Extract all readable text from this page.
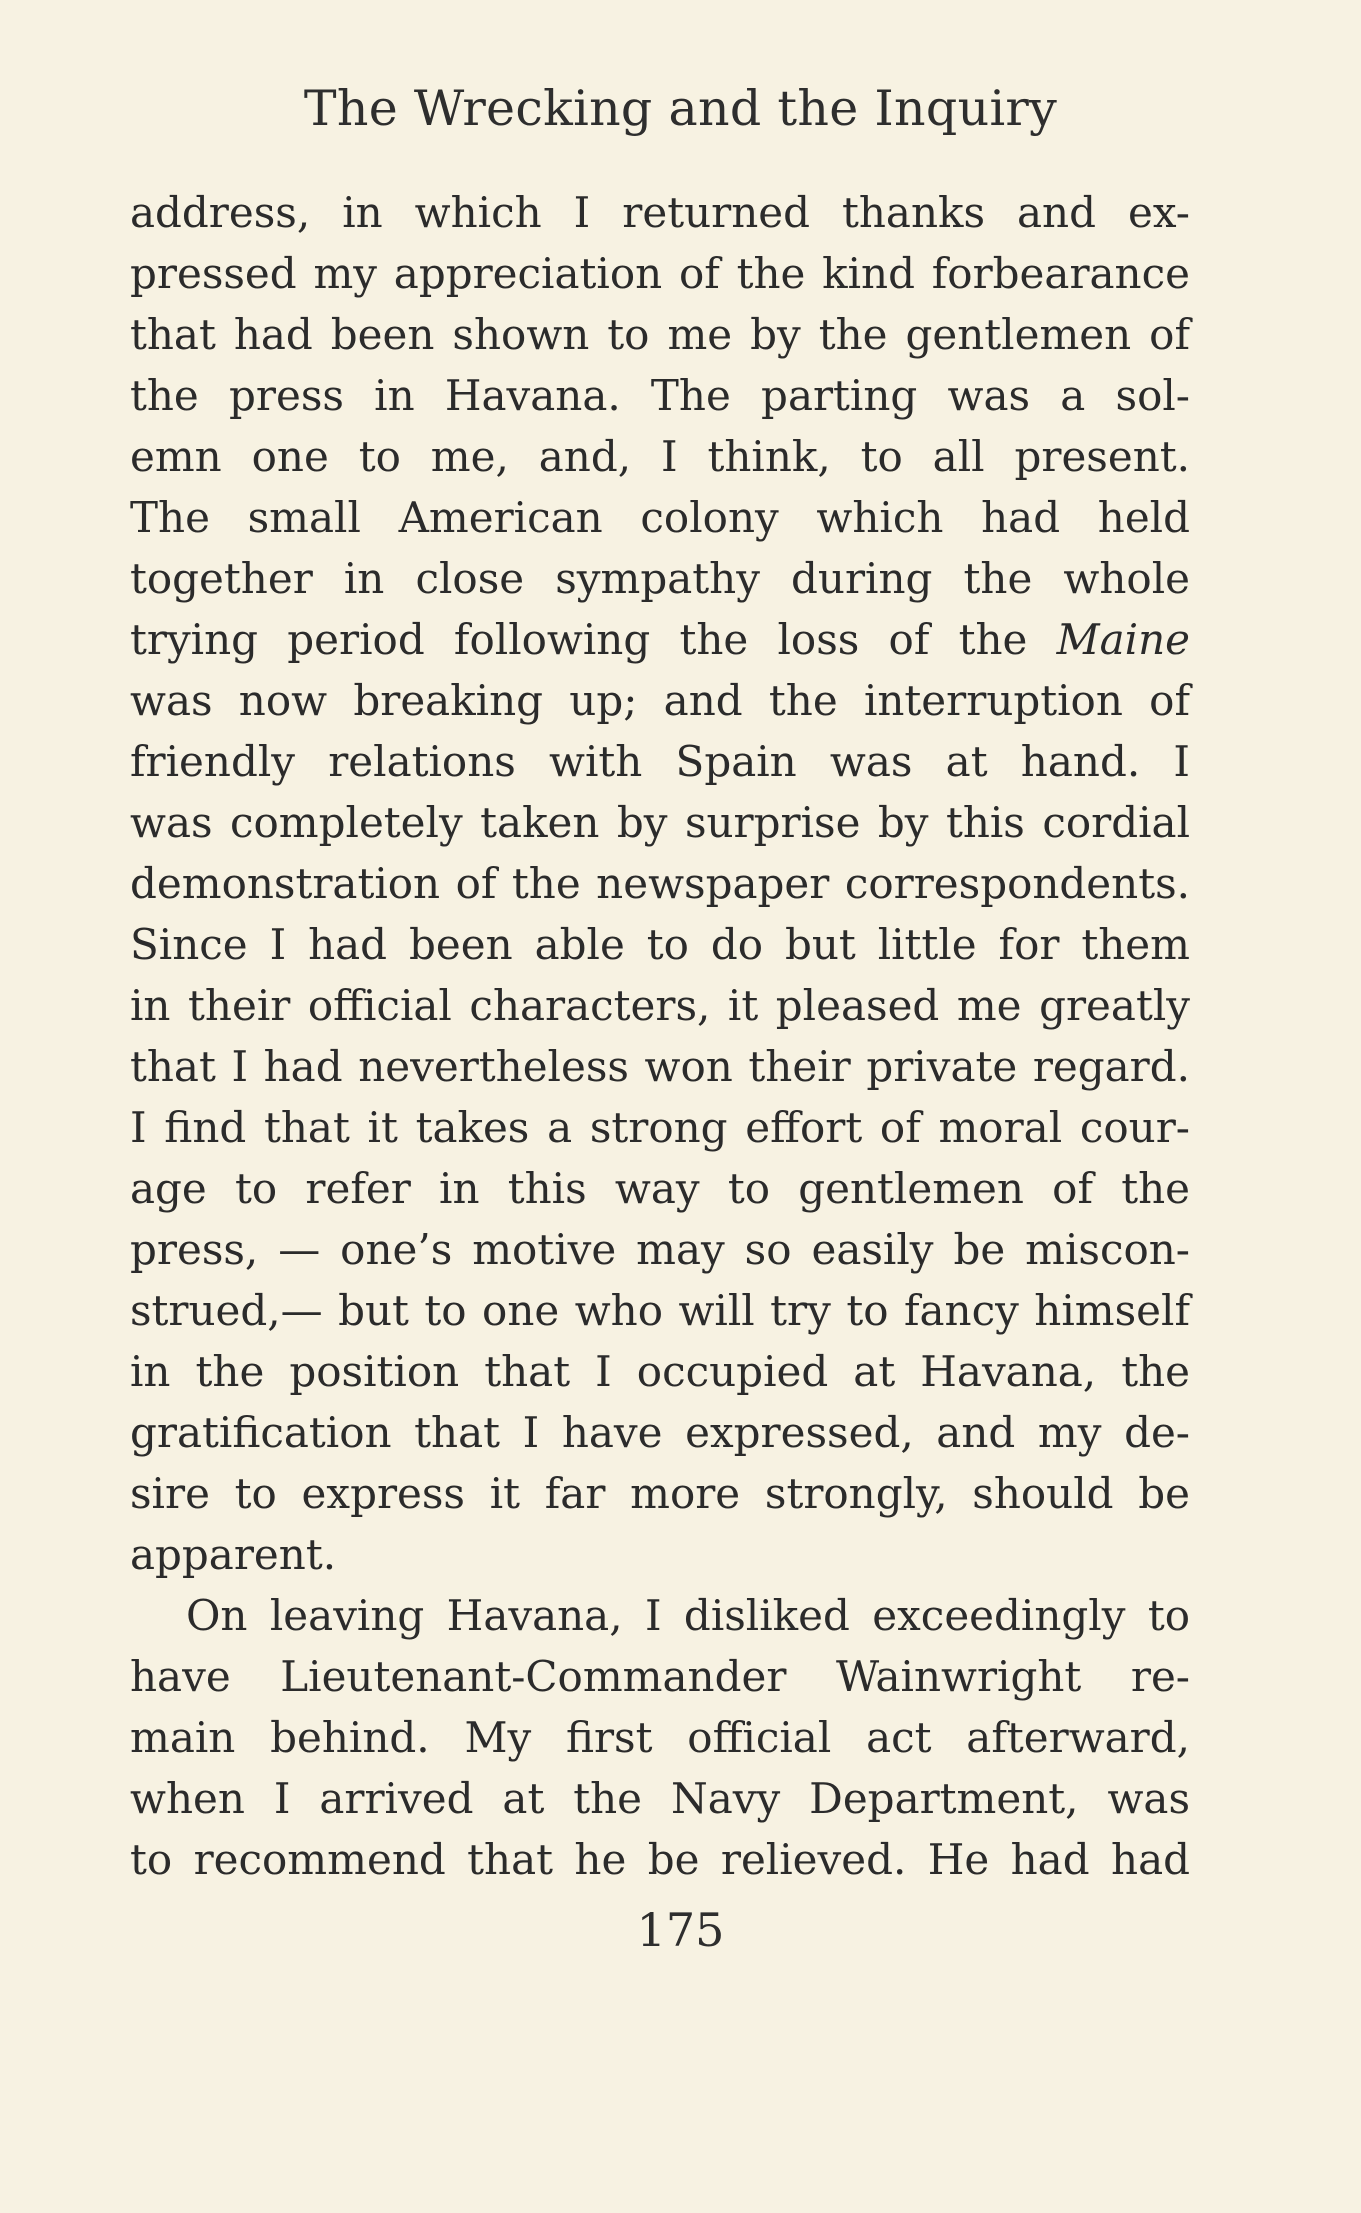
The Wrecking and the Inquiry
address, in which I returned thanks and ex-
pressed my appreciation of the kind forbearance
that had been shown to me by the gentlemen of
the press in Havana. The parting was a sol-
emn one to me, and, I think, to all present.
The small American colony which had held
together in close sympathy during the whole
trying period following the loss of the Maine
was now breaking up; and the interruption of
friendly relations with Spain was at hand. I
was completely taken by surprise by this cordial
demonstration of the newspaper correspondents.
Since I had been able to do but little for them
in their official characters, it pleased me greatly
that I had nevertheless won their private regard.
I find that it takes a strong effort of moral cour-
age to refer in this way to gentlemen of the
press, — one’s motive may so easily be miscon-
strued,— but to one who will try to fancy himself
in the position that I occupied at Havana, the
gratification that I have expressed, and my de-
sire to express it far more strongly, should be
apparent.
On leaving Havana, I disliked exceedingly to
have Lieutenant-Commander Wainwright re-
main behind. My first official act afterward,
when I arrived at the Navy Department, was
to recommend that he be relieved. He had had
175
